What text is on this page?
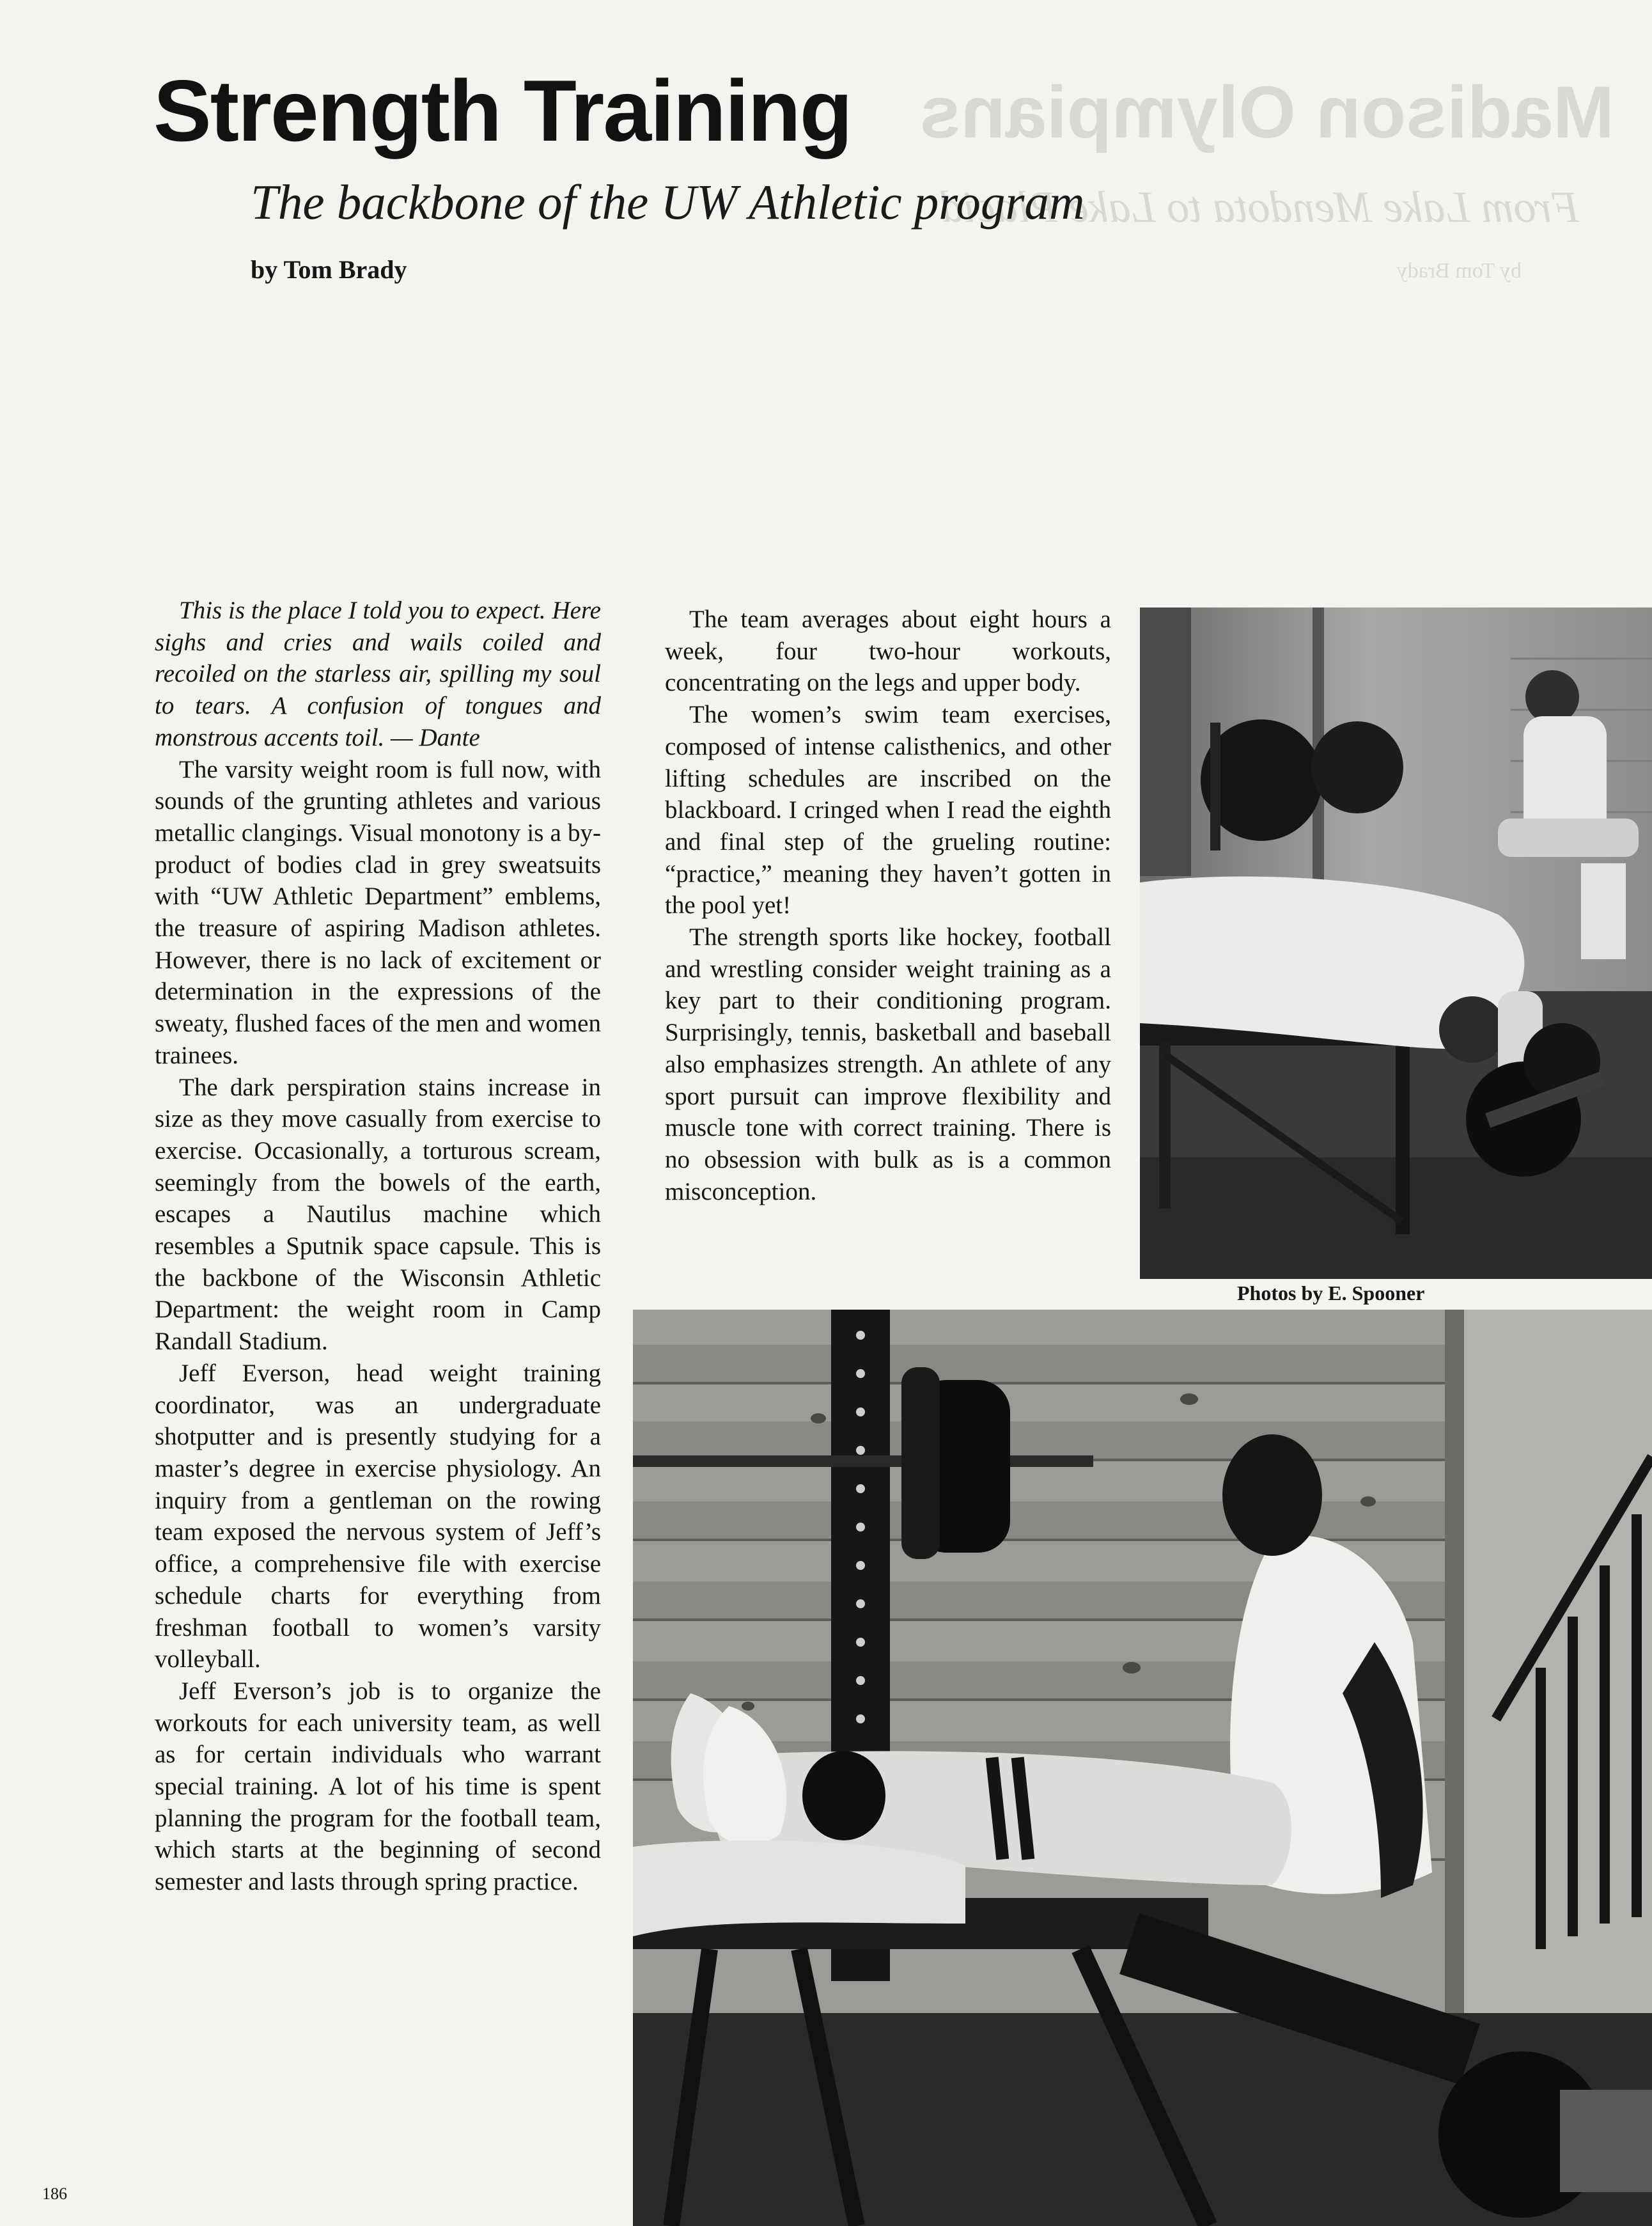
Madison Olympians
From Lake Mendota to Lake Placid
by Tom Brady
Strength Training
The backbone of the UW Athletic program
by Tom Brady

This is the place I told you to expect. Here sighs and cries and wails coiled and recoiled on the starless air, spilling my soul to tears. A confusion of tongues and monstrous accents toil. — Dante

The varsity weight room is full now, with sounds of the grunting athletes and various metallic clangings. Visual monotony is a by-product of bodies clad in grey sweatsuits with “UW Athletic Department” emblems, the treasure of aspiring Madison athletes. However, there is no lack of excitement or determination in the expressions of the sweaty, flushed faces of the men and women trainees.

The dark perspiration stains increase in size as they move casually from exercise to exercise. Occasionally, a torturous scream, seemingly from the bowels of the earth, escapes a Nautilus machine which resembles a Sputnik space capsule. This is the backbone of the Wisconsin Athletic Department: the weight room in Camp Randall Stadium.

Jeff Everson, head weight training coordinator, was an undergraduate shotputter and is presently studying for a master’s degree in exercise physiology. An inquiry from a gentleman on the rowing team exposed the nervous system of Jeff’s office, a comprehensive file with exercise schedule charts for everything from freshman football to women’s varsity volleyball.

Jeff Everson’s job is to organize the workouts for each university team, as well as for certain individuals who warrant special training. A lot of his time is spent planning the program for the football team, which starts at the beginning of second semester and lasts through spring practice.

The team averages about eight hours a week, four two-hour workouts, concentrating on the legs and upper body.

The women’s swim team exercises, composed of intense calisthenics, and other lifting schedules are inscribed on the blackboard. I cringed when I read the eighth and final step of the grueling routine: “practice,” meaning they haven’t gotten in the pool yet!

The strength sports like hockey, football and wrestling consider weight training as a key part to their conditioning program. Surprisingly, tennis, basketball and baseball also emphasizes strength. An athlete of any sport pursuit can improve flexibility and muscle tone with correct training. There is no obsession with bulk as is a common misconception.

Photos by E. Spooner
186
